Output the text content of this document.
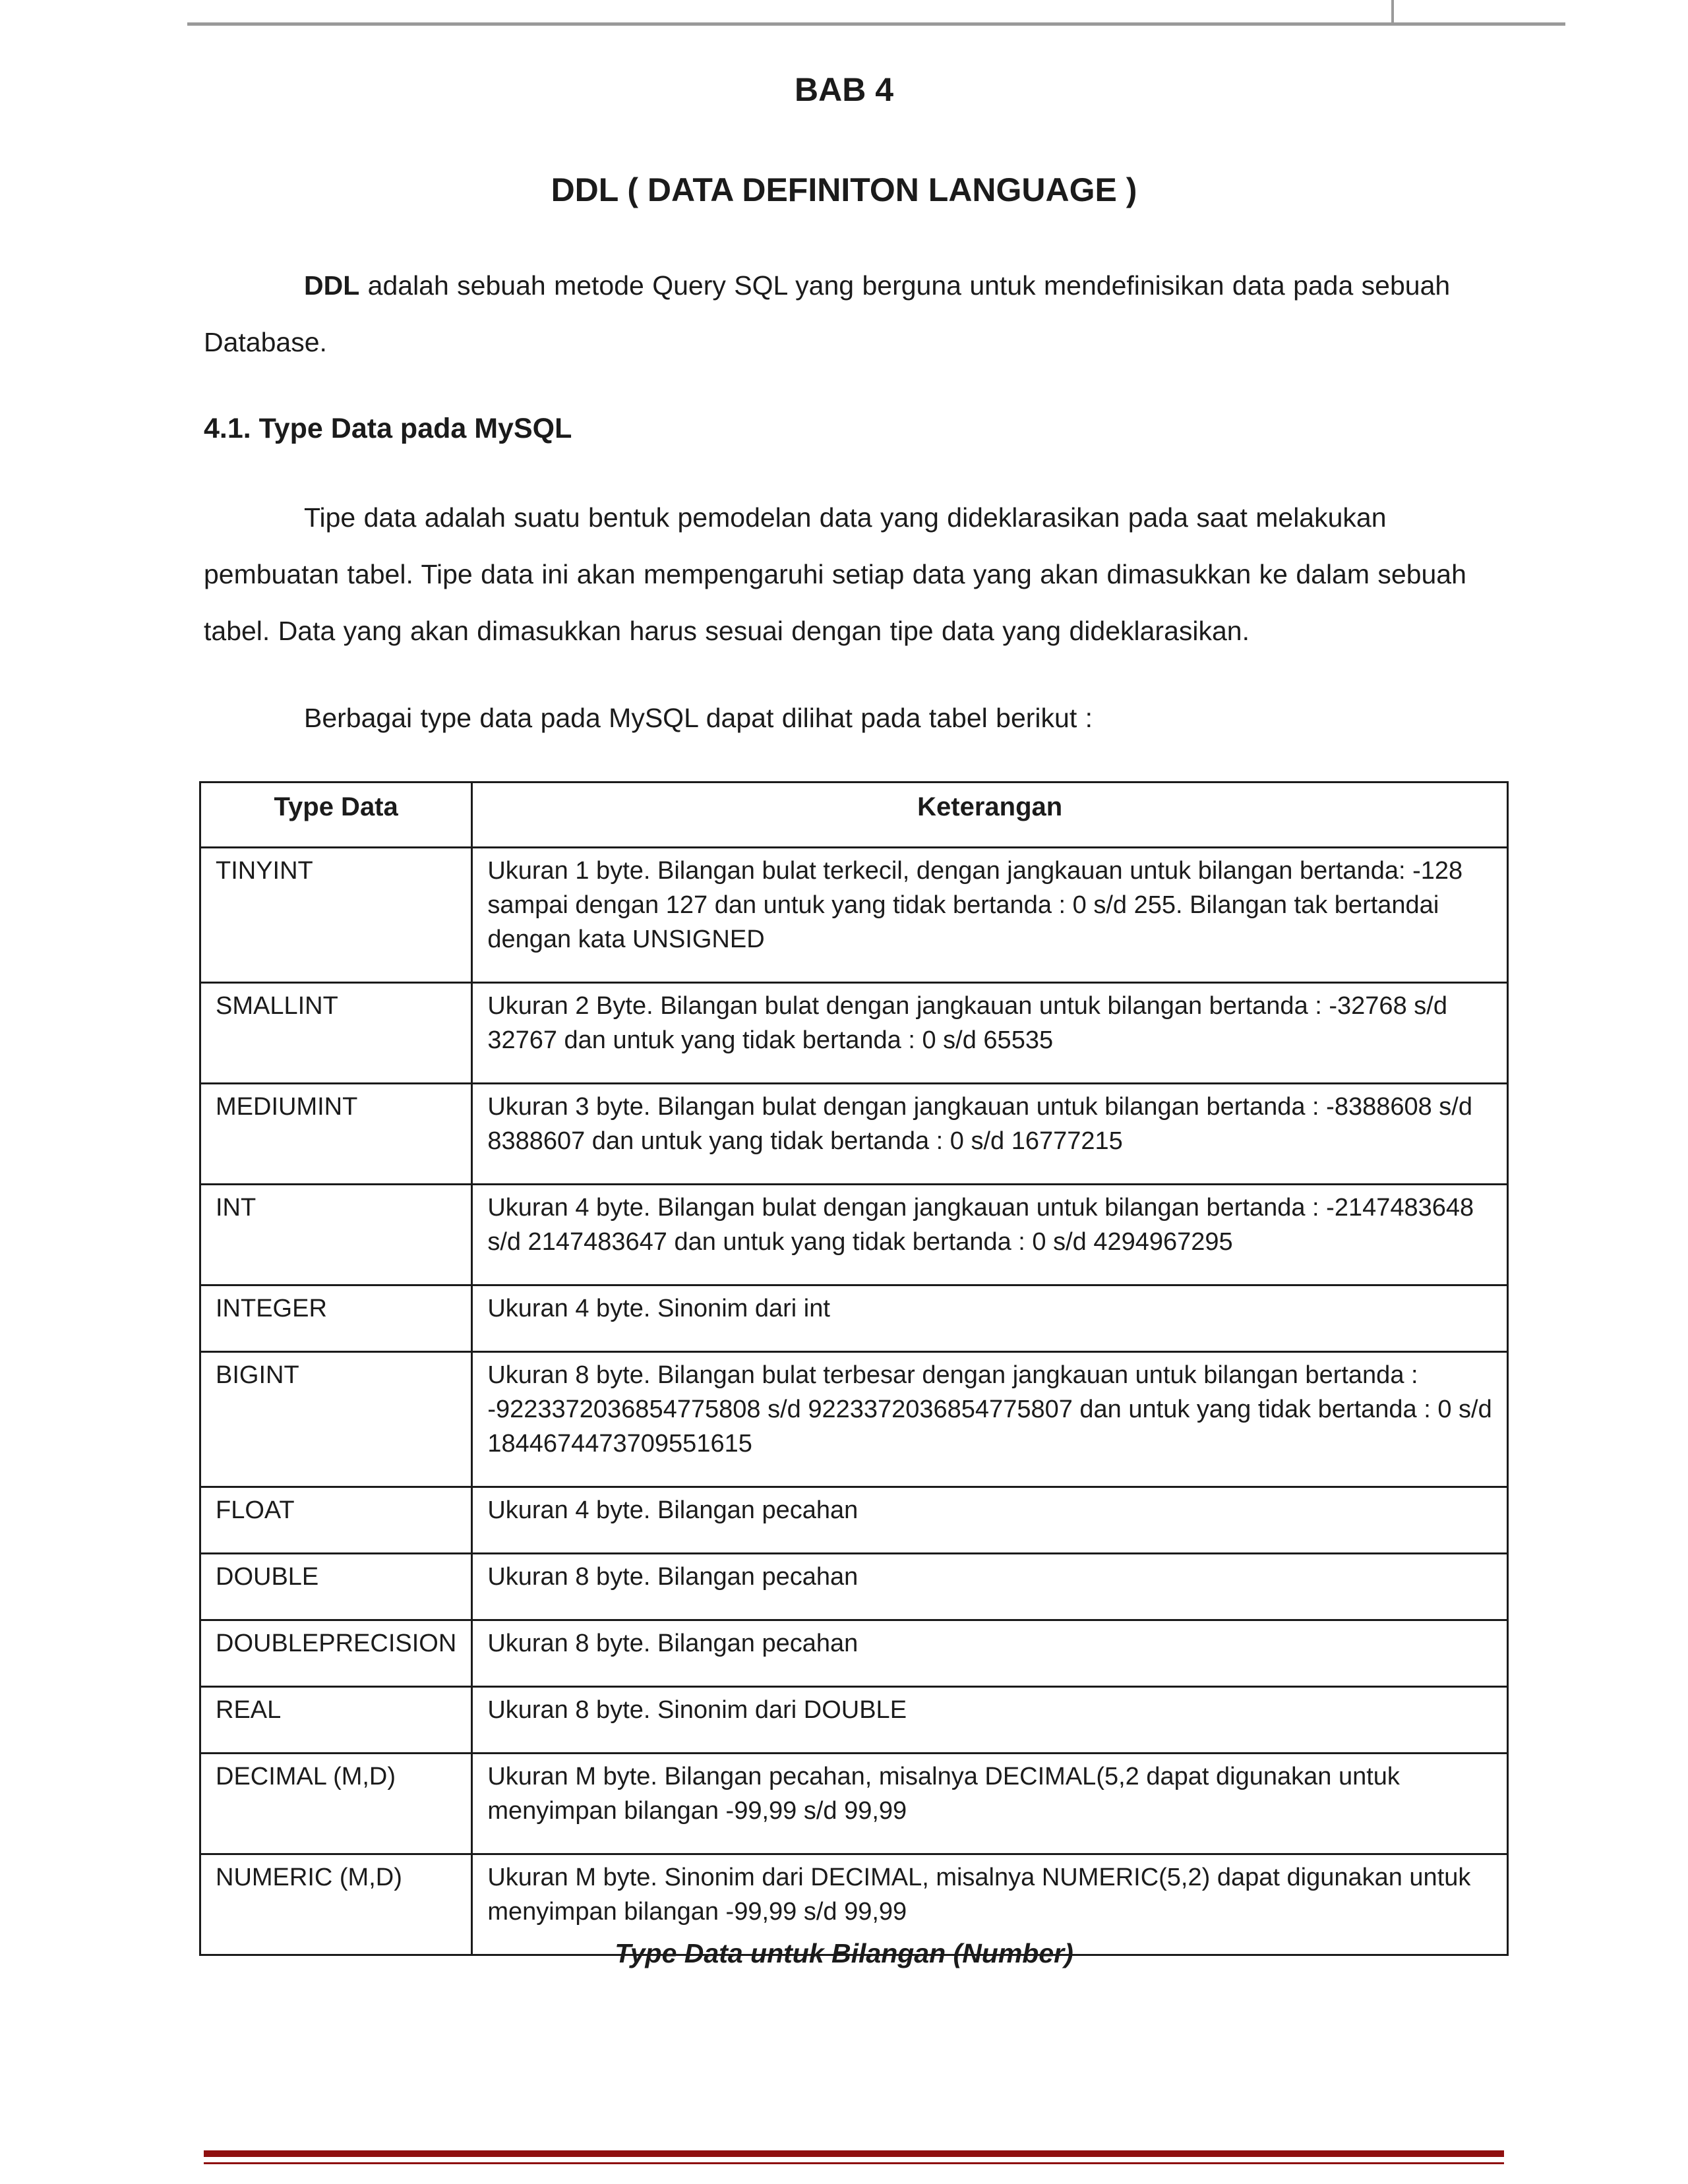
BAB 4
DDL ( DATA DEFINITON LANGUAGE )

DDL adalah sebuah metode Query SQL yang berguna untuk mendefinisikan data pada sebuah Database.

4.1. Type Data pada MySQL

Tipe data adalah suatu bentuk pemodelan data yang dideklarasikan pada saat melakukan pembuatan tabel. Tipe data ini akan mempengaruhi setiap data yang akan dimasukkan ke dalam sebuah tabel. Data yang akan dimasukkan harus sesuai dengan tipe data yang dideklarasikan.

Berbagai type data pada MySQL dapat dilihat pada tabel berikut :

Type Data	Keterangan
TINYINT	Ukuran 1 byte. Bilangan bulat terkecil, dengan jangkauan untuk bilangan bertanda: -128 sampai dengan 127 dan untuk yang tidak bertanda : 0 s/d 255. Bilangan tak bertandai dengan kata UNSIGNED
SMALLINT	Ukuran 2 Byte. Bilangan bulat dengan jangkauan untuk bilangan bertanda : -32768 s/d 32767 dan untuk yang tidak bertanda : 0 s/d 65535
MEDIUMINT	Ukuran 3 byte. Bilangan bulat dengan jangkauan untuk bilangan bertanda : -8388608 s/d 8388607 dan untuk yang tidak bertanda : 0 s/d 16777215
INT	Ukuran 4 byte. Bilangan bulat dengan jangkauan untuk bilangan bertanda : -2147483648 s/d 2147483647 dan untuk yang tidak bertanda : 0 s/d 4294967295
INTEGER	Ukuran 4 byte. Sinonim dari int
BIGINT	Ukuran 8 byte. Bilangan bulat terbesar dengan jangkauan untuk bilangan bertanda : -9223372036854775808 s/d 9223372036854775807 dan untuk yang tidak bertanda : 0 s/d 1844674473709551615
FLOAT	Ukuran 4 byte. Bilangan pecahan
DOUBLE	Ukuran 8 byte. Bilangan pecahan
DOUBLEPRECISION	Ukuran 8 byte. Bilangan pecahan
REAL	Ukuran 8 byte. Sinonim dari DOUBLE
DECIMAL (M,D)	Ukuran M byte. Bilangan pecahan, misalnya DECIMAL(5,2 dapat digunakan untuk menyimpan bilangan -99,99 s/d 99,99
NUMERIC (M,D)	Ukuran M byte. Sinonim dari DECIMAL, misalnya NUMERIC(5,2) dapat digunakan untuk menyimpan bilangan -99,99 s/d 99,99
Type Data untuk Bilangan (Number)
